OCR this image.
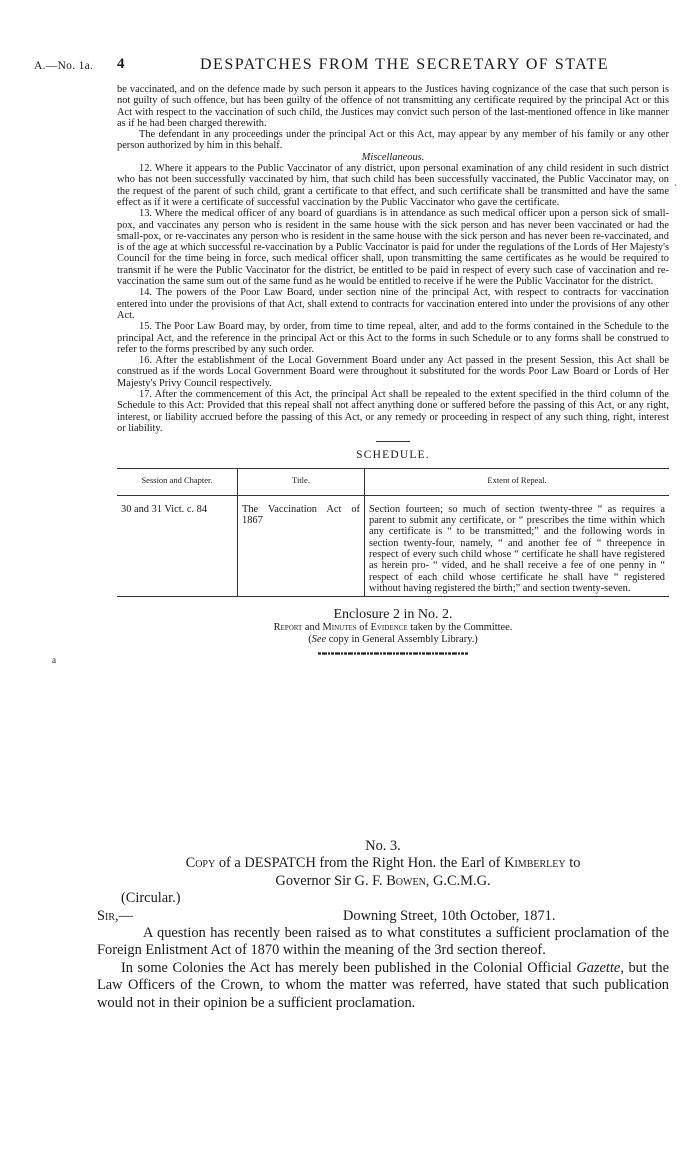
A.—No. 1a. 4	DESPATCHES FROM THE SECRETARY OF STATE
ˎ
a

be vaccinated, and on the defence made by such person it appears to the Justices having cognizance of the case that such person is not guilty of such offence, but has been guilty of the offence of not transmitting any certificate required by the principal Act or this Act with respect to the vaccination of such child, the Justices may convict such person of the last-mentioned offence in like manner as if he had been charged therewith.

The defendant in any proceedings under the principal Act or this Act, may appear by any member of his family or any other person authorized by him in this behalf.

Miscellaneous.

12. Where it appears to the Public Vaccinator of any district, upon personal examination of any child resident in such district who has not been successfully vaccinated by him, that such child has been successfully vaccinated, the Public Vaccinator may, on the request of the parent of such child, grant a certificate to that effect, and such certificate shall be transmitted and have the same effect as if it were a certificate of successful vaccination by the Public Vaccinator who gave the certificate.

13. Where the medical officer of any board of guardians is in attendance as such medical officer upon a person sick of small-pox, and vaccinates any person who is resident in the same house with the sick person and has never been vaccinated or had the small-pox, or re-vaccinates any person who is resident in the same house with the sick person and has never been re-vaccinated, and is of the age at which successful re-vaccination by a Public Vaccinator is paid for under the regulations of the Lords of Her Majesty's Council for the time being in force, such medical officer shall, upon transmitting the same certificates as he would be required to transmit if he were the Public Vaccinator for the district, be entitled to be paid in respect of every such case of vaccination and re-vaccination the same sum out of the same fund as he would be entitled to receive if he were the Public Vaccinator for the district.

14. The powers of the Poor Law Board, under section nine of the principal Act, with respect to contracts for vaccination entered into under the provisions of that Act, shall extend to contracts for vaccination entered into under the provisions of any other Act.

15. The Poor Law Board may, by order, from time to time repeal, alter, and add to the forms contained in the Schedule to the principal Act, and the reference in the principal Act or this Act to the forms in such Schedule or to any forms shall be construed to refer to the forms prescribed by any such order.

16. After the establishment of the Local Government Board under any Act passed in the present Session, this Act shall be construed as if the words Local Government Board were throughout it substituted for the words Poor Law Board or Lords of Her Majesty's Privy Council respectively.

17. After the commencement of this Act, the principal Act shall be repealed to the extent specified in the third column of the Schedule to this Act: Provided that this repeal shall not affect anything done or suffered before the passing of this Act, or any right, interest, or liability accrued before the passing of this Act, or any remedy or proceeding in respect of any such thing, right, interest or liability.

SCHEDULE.
Session and Chapter.	Title.	Extent of Repeal.
30 and 31 Vict. c. 84	The Vaccination Act of 1867	Section fourteen; so much of section twenty-three “ as requires a parent to submit any certificate, or “ prescribes the time within which any certificate is “ to be transmitted;” and the following words in section twenty-four, namely, “ and another fee of “ threepence in respect of every such child whose “ certificate he shall have registered as herein pro- “ vided, and he shall receive a fee of one penny in “ respect of each child whose certificate he shall have “ registered without having registered the birth;” and section twenty-seven.
Enclosure 2 in No. 2.
Report and Minutes of Evidence taken by the Committee.
(See copy in General Assembly Library.)

No. 3.

Copy of a DESPATCH from the Right Hon. the Earl of Kimberley to

Governor Sir G. F. Bowen, G.C.M.G.

(Circular.)

Sir,—	Downing Street, 10th October, 1871.

A question has recently been raised as to what constitutes a sufficient proclamation of the Foreign Enlistment Act of 1870 within the meaning of the 3rd section thereof.

In some Colonies the Act has merely been published in the Colonial Official Gazette, but the Law Officers of the Crown, to whom the matter was referred, have stated that such publication would not in their opinion be a sufficient proclamation.
